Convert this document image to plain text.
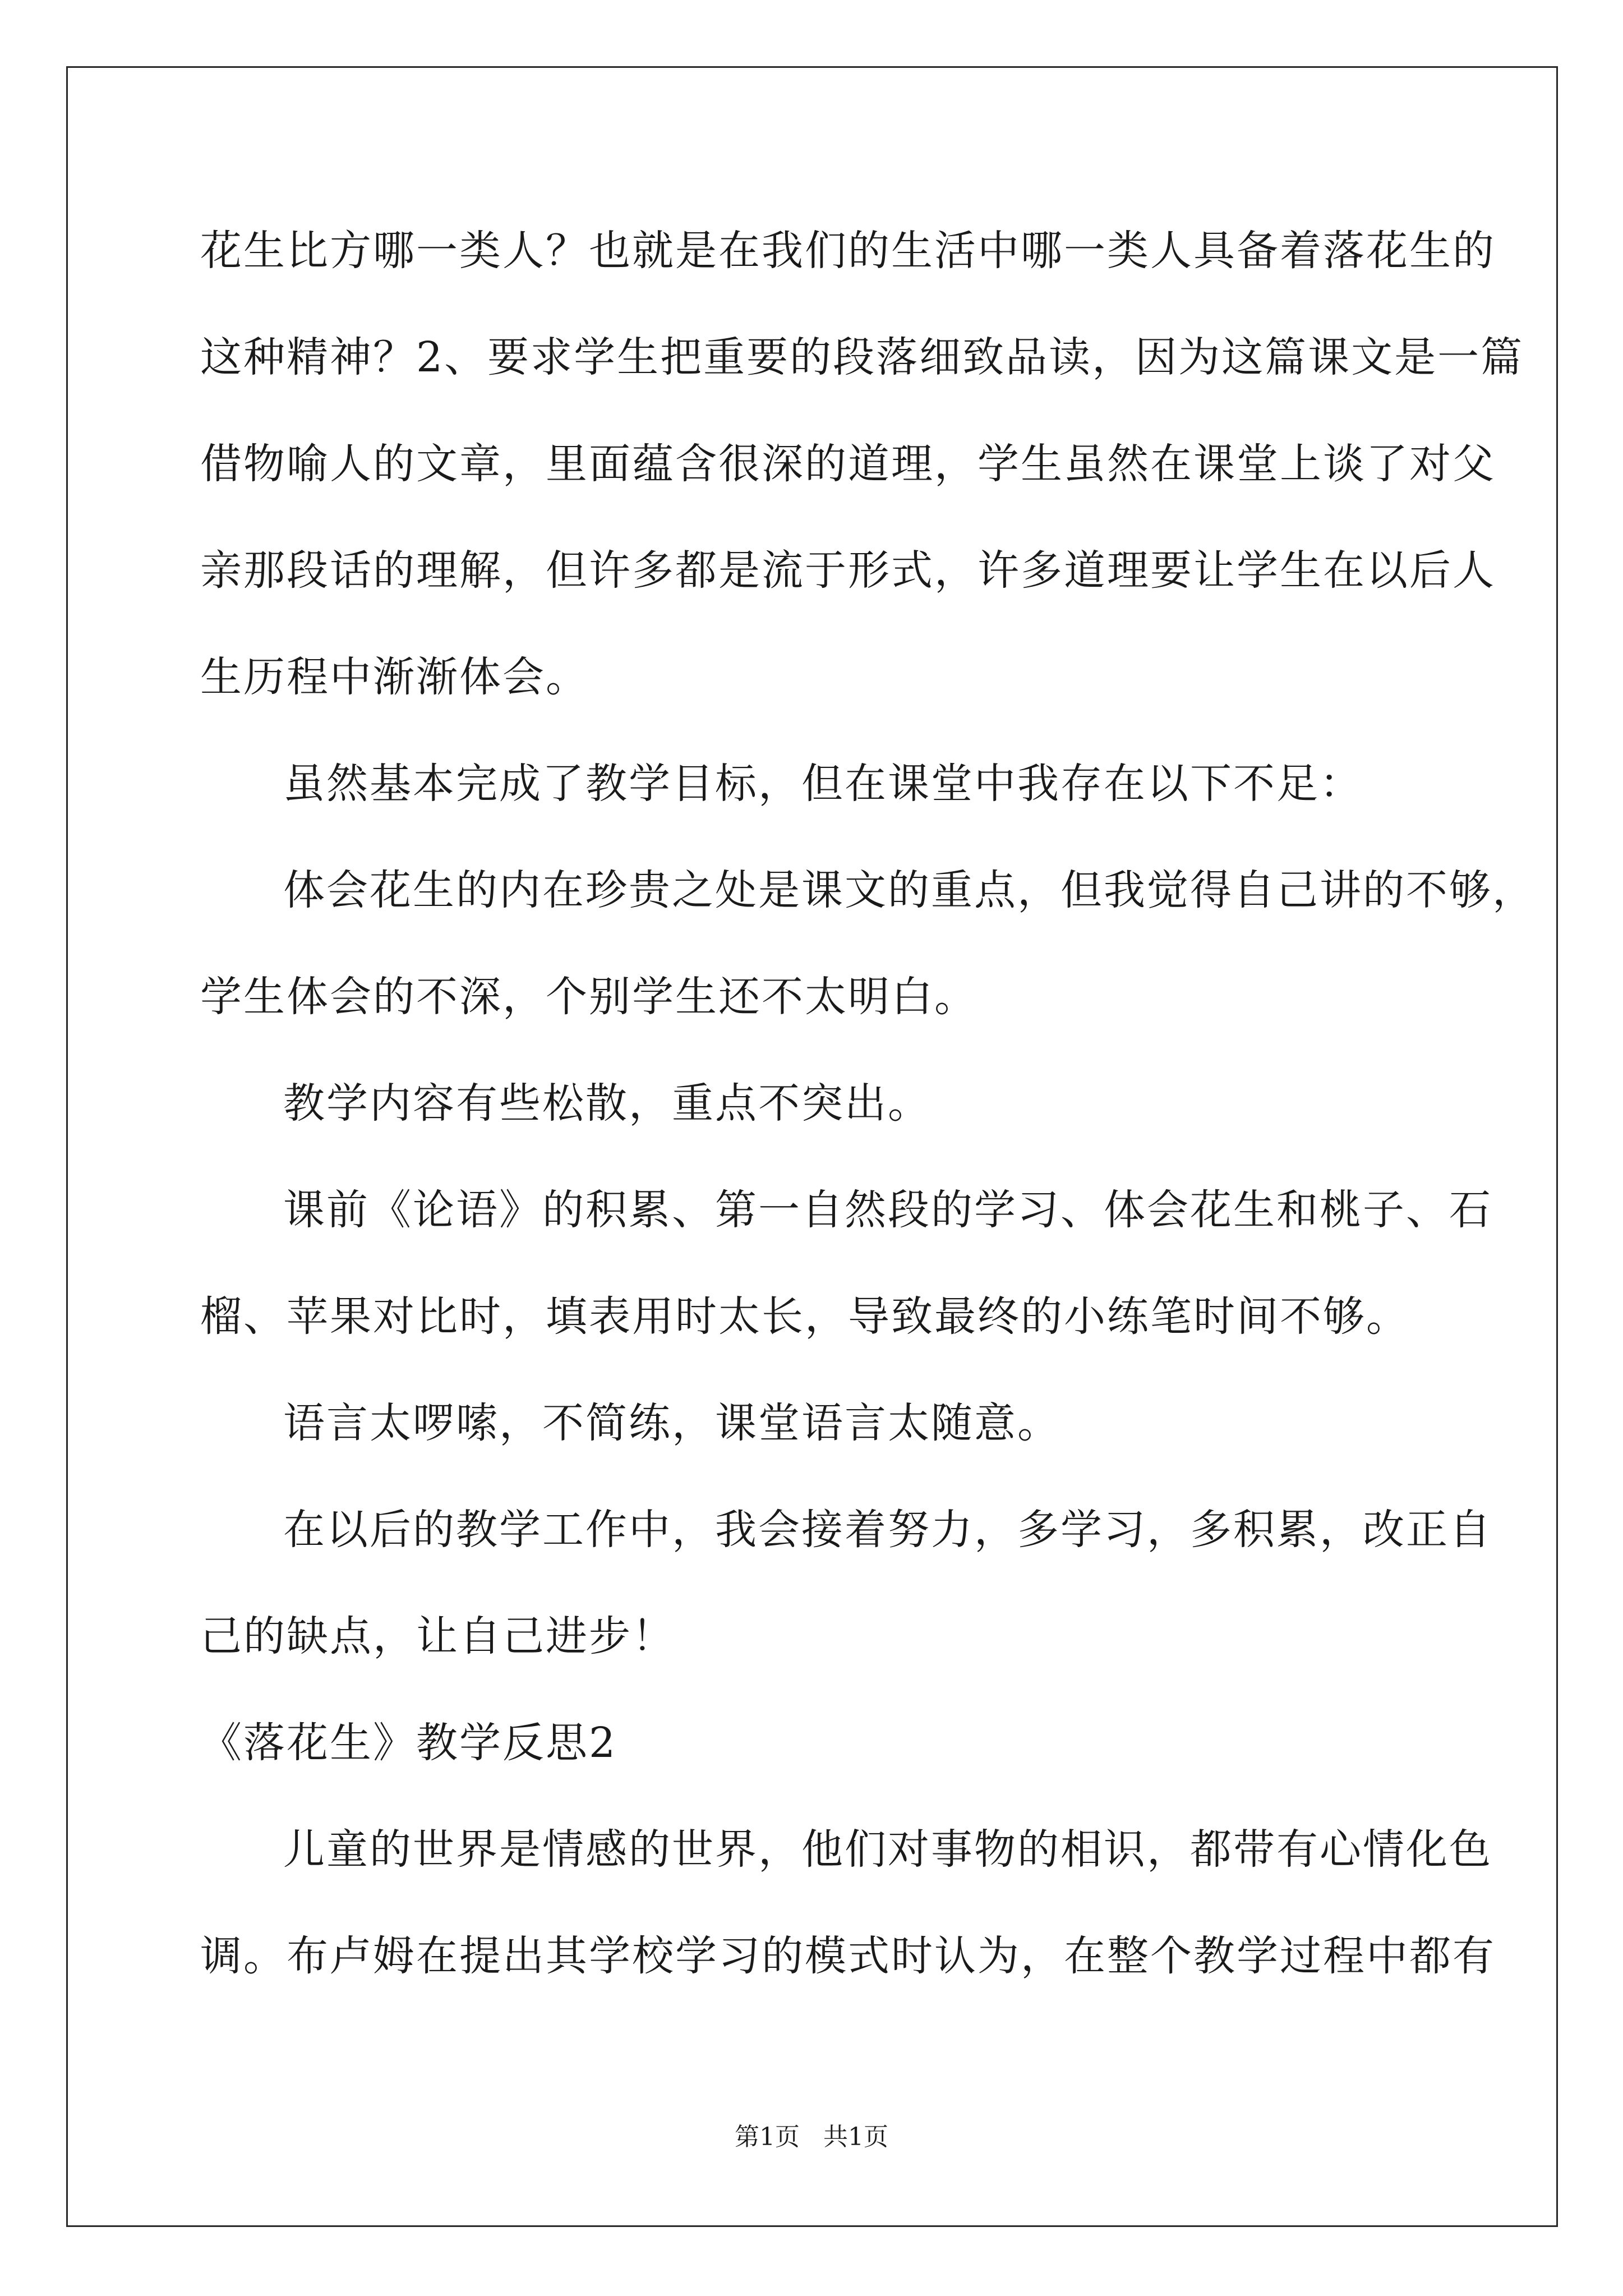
花生比方哪一类人？也就是在我们的生活中哪一类人具备着落花生的
这种精神？2、要求学生把重要的段落细致品读，因为这篇课文是一篇
借物喻人的文章，里面蕴含很深的道理，学生虽然在课堂上谈了对父
亲那段话的理解，但许多都是流于形式，许多道理要让学生在以后人
生历程中渐渐体会。
虽然基本完成了教学目标，但在课堂中我存在以下不足：
体会花生的内在珍贵之处是课文的重点，但我觉得自己讲的不够，
学生体会的不深，个别学生还不太明白。
教学内容有些松散，重点不突出。
课前《论语》的积累、第一自然段的学习、体会花生和桃子、石
榴、苹果对比时，填表用时太长，导致最终的小练笔时间不够。
语言太啰嗦，不简练，课堂语言太随意。
在以后的教学工作中，我会接着努力，多学习，多积累，改正自
己的缺点，让自己进步！
《落花生》教学反思2
儿童的世界是情感的世界，他们对事物的相识，都带有心情化色
调。布卢姆在提出其学校学习的模式时认为，在整个教学过程中都有
第1页   共1页
